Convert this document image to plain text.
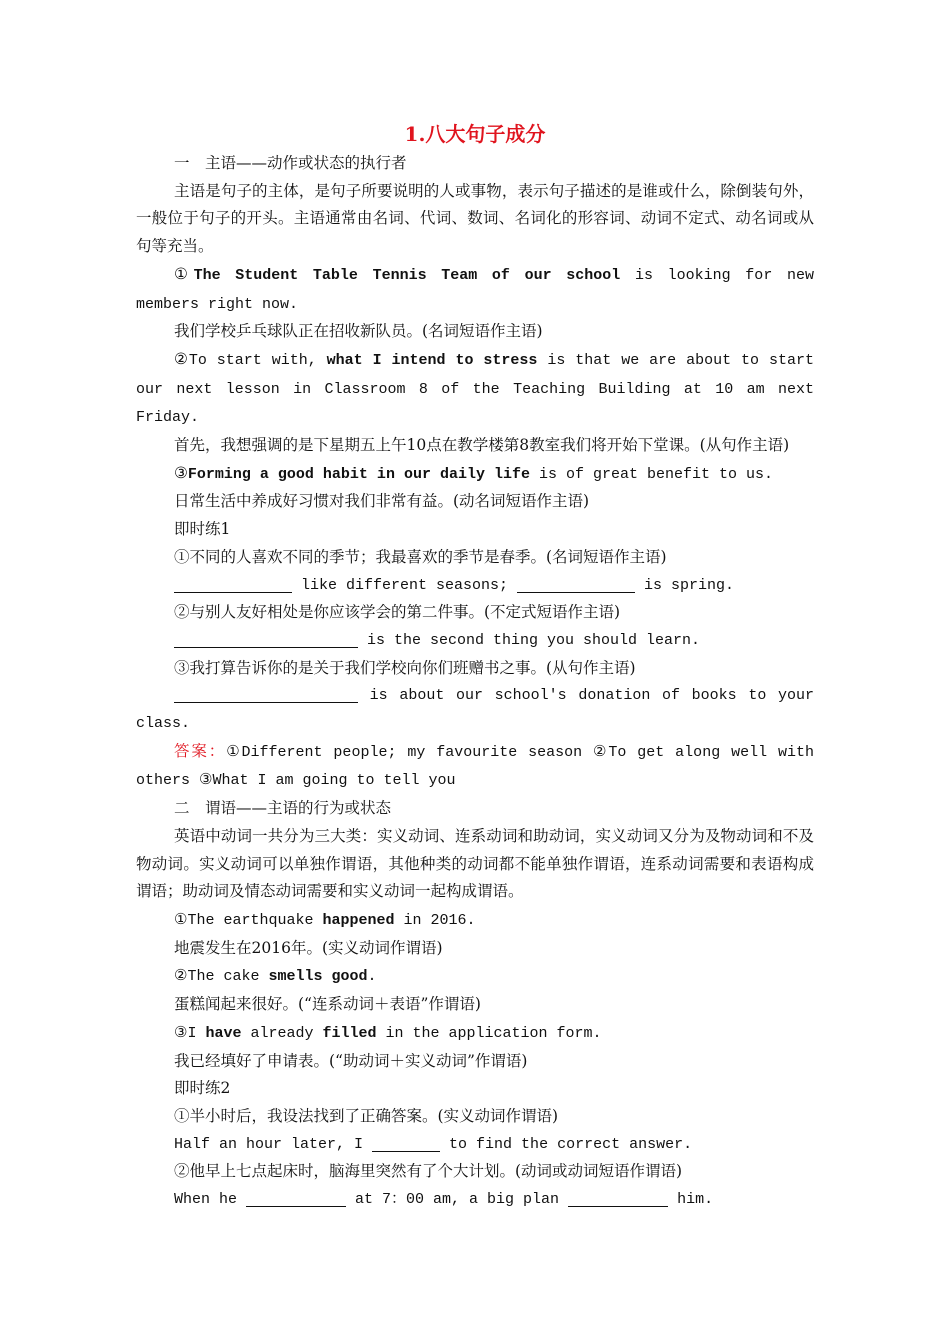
1.八大句子成分

一　主语——动作或状态的执行者

主语是句子的主体，是句子所要说明的人或事物，表示句子描述的是谁或什么，除倒装句外，一般位于句子的开头。主语通常由名词、代词、数词、名词化的形容词、动词不定式、动名词或从句等充当。

①The Student Table Tennis Team of our school is looking for new members right now.

我们学校乒乓球队正在招收新队员。(名词短语作主语)

②To start with, what I intend to stress is that we are about to start our next lesson in Classroom 8 of the Teaching Building at 10 am next Friday.

首先，我想强调的是下星期五上午10点在教学楼第8教室我们将开始下堂课。(从句作主语)

③Forming a good habit in our daily life is of great benefit to us.

日常生活中养成好习惯对我们非常有益。(动名词短语作主语)

即时练1

①不同的人喜欢不同的季节；我最喜欢的季节是春季。(名词短语作主语)

like different seasons;	is spring.

②与别人友好相处是你应该学会的第二件事。(不定式短语作主语)

is the second thing you should learn.

③我打算告诉你的是关于我们学校向你们班赠书之事。(从句作主语)

is about our school's donation of books to your class.

答案：①Different people; my favourite season ②To get along well with others ③What I am going to tell you

二　谓语——主语的行为或状态

英语中动词一共分为三大类：实义动词、连系动词和助动词，实义动词又分为及物动词和不及物动词。实义动词可以单独作谓语，其他种类的动词都不能单独作谓语，连系动词需要和表语构成谓语；助动词及情态动词需要和实义动词一起构成谓语。

①The earthquake happened in 2016.

地震发生在2016年。(实义动词作谓语)

②The cake smells good.

蛋糕闻起来很好。(“连系动词＋表语”作谓语)

③I have already filled in the application form.

我已经填好了申请表。(“助动词＋实义动词”作谓语)

即时练2

①半小时后，我设法找到了正确答案。(实义动词作谓语)

Half an hour later, I	to find the correct answer.

②他早上七点起床时，脑海里突然有了个大计划。(动词或动词短语作谓语)

When he	at 7：00 am, a big plan	him.
